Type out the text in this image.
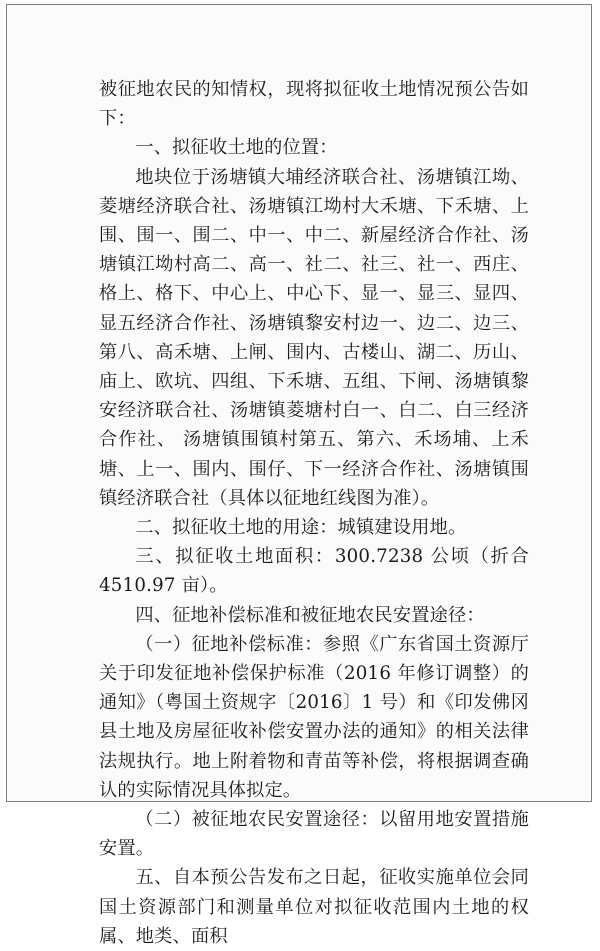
被征地农民的知情权，现将拟征收土地情况预公告如下：

一、拟征收土地的位置：

地块位于汤塘镇大埔经济联合社、汤塘镇江坳、菱塘经济联合社、汤塘镇江坳村大禾塘、下禾塘、上围、围一、围二、中一、中二、新屋经济合作社、汤塘镇江坳村高二、高一、社二、社三、社一、西庄、格上、格下、中心上、中心下、显一、显三、显四、显五经济合作社、汤塘镇黎安村边一、边二、边三、第八、高禾塘、上闸、围内、古楼山、湖二、历山、庙上、欧坑、四组、下禾塘、五组、下闸、汤塘镇黎安经济联合社、汤塘镇菱塘村白一、白二、白三经济合作社、 汤塘镇围镇村第五、第六、禾场埔、上禾塘、上一、围内、围仔、下一经济合作社、汤塘镇围镇经济联合社（具体以征地红线图为准）。

二、拟征收土地的用途：城镇建设用地。

三、拟征收土地面积：300.7238 公顷（折合 4510.97 亩）。

四、征地补偿标准和被征地农民安置途径：

（一）征地补偿标准：参照《广东省国土资源厅关于印发征地补偿保护标准（2016 年修订调整）的通知》（粤国土资规字〔2016〕1 号）和《印发佛冈县土地及房屋征收补偿安置办法的通知》的相关法律法规执行。地上附着物和青苗等补偿，将根据调查确认的实际情况具体拟定。

（二）被征地农民安置途径：以留用地安置措施安置。

五、自本预公告发布之日起，征收实施单位会同国土资源部门和测量单位对拟征收范围内土地的权属、地类、面积
